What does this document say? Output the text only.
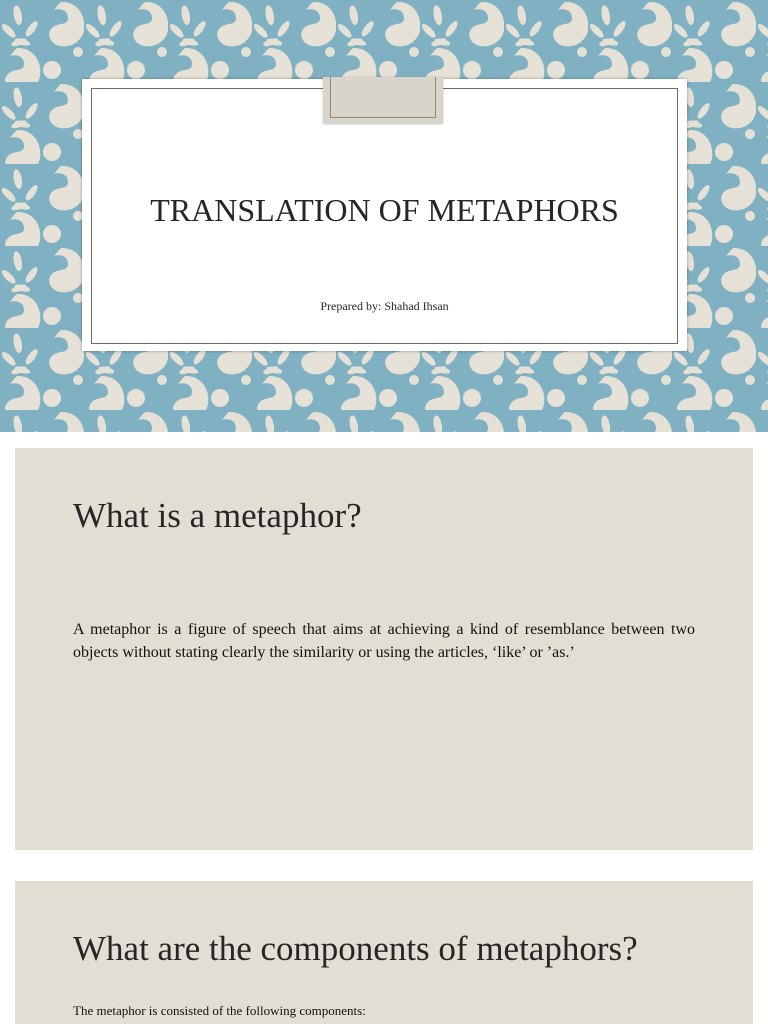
TRANSLATION OF METAPHORS
Prepared by: Shahad Ihsan
What is a metaphor?
A metaphor is a figure of speech that aims at achieving a kind of resemblance between two objects without stating clearly the similarity or using the articles, ‘like’ or ’as.’
What are the components of metaphors?
The metaphor is consisted of the following components:
